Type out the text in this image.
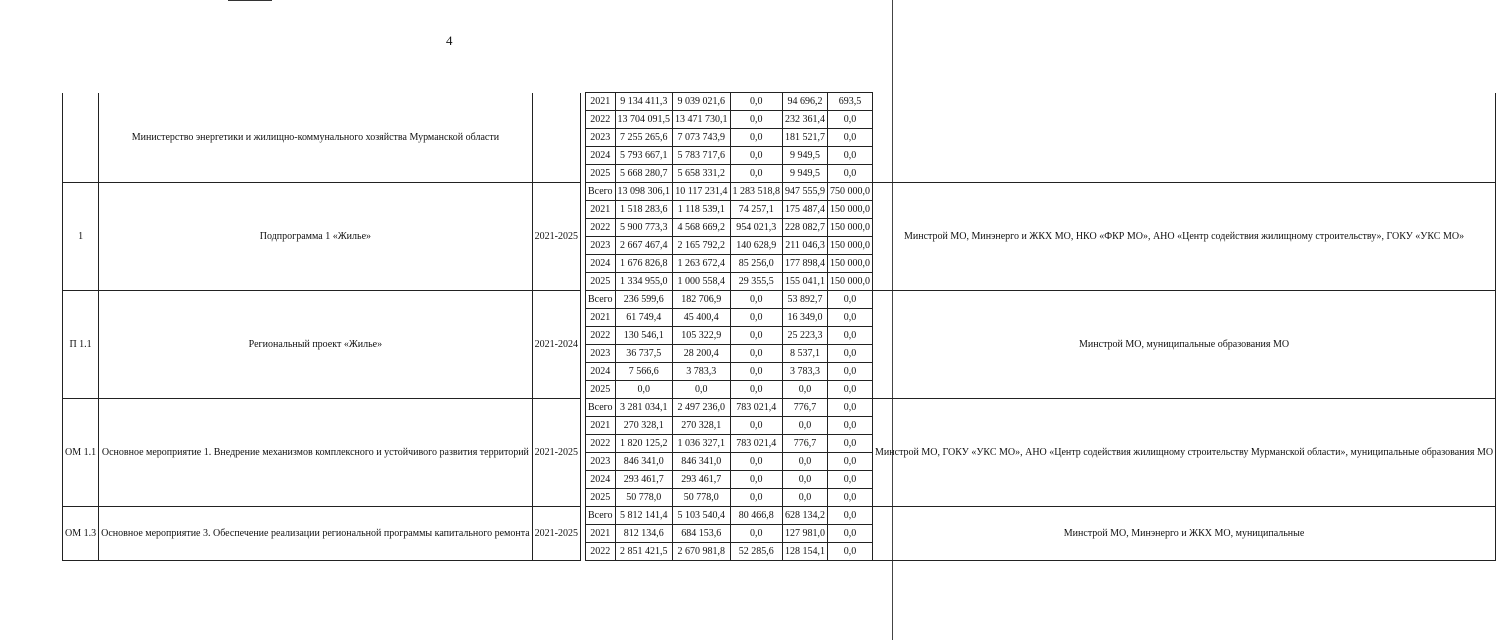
4
	Министерство энергетики и жилищно-коммунального хозяйства Мурманской области			2021	9 134 411,3	9 039 021,6	0,0	94 696,2	693,5	
				2022	13 704 091,5	13 471 730,1	0,0	232 361,4	0,0	
				2023	7 255 265,6	7 073 743,9	0,0	181 521,7	0,0	
				2024	5 793 667,1	5 783 717,6	0,0	9 949,5	0,0	
				2025	5 668 280,7	5 658 331,2	0,0	9 949,5	0,0	
1	Подпрограмма 1 «Жилье»	2021-2025		Всего	13 098 306,1	10 117 231,4	1 283 518,8	947 555,9	750 000,0	Минстрой МО, Минэнерго и ЖКХ МО, НКО «ФКР МО», АНО «Центр содействия жилищному строительству», ГОКУ «УКС МО»
				2021	1 518 283,6	1 118 539,1	74 257,1	175 487,4	150 000,0	
				2022	5 900 773,3	4 568 669,2	954 021,3	228 082,7	150 000,0	
				2023	2 667 467,4	2 165 792,2	140 628,9	211 046,3	150 000,0	
				2024	1 676 826,8	1 263 672,4	85 256,0	177 898,4	150 000,0	
				2025	1 334 955,0	1 000 558,4	29 355,5	155 041,1	150 000,0	
П 1.1	Региональный проект «Жилье»	2021-2024		Всего	236 599,6	182 706,9	0,0	53 892,7	0,0	Минстрой МО, муниципальные образования МО
				2021	61 749,4	45 400,4	0,0	16 349,0	0,0	
				2022	130 546,1	105 322,9	0,0	25 223,3	0,0	
				2023	36 737,5	28 200,4	0,0	8 537,1	0,0	
				2024	7 566,6	3 783,3	0,0	3 783,3	0,0	
				2025	0,0	0,0	0,0	0,0	0,0	
ОМ 1.1	Основное мероприятие 1. Внедрение механизмов комплексного и устойчивого развития территорий	2021-2025		Всего	3 281 034,1	2 497 236,0	783 021,4	776,7	0,0	Минстрой МО, ГОКУ «УКС МО», АНО «Центр содействия жилищному строительству Мурманской области», муниципальные образования МО
				2021	270 328,1	270 328,1	0,0	0,0	0,0	
				2022	1 820 125,2	1 036 327,1	783 021,4	776,7	0,0	
				2023	846 341,0	846 341,0	0,0	0,0	0,0	
				2024	293 461,7	293 461,7	0,0	0,0	0,0	
				2025	50 778,0	50 778,0	0,0	0,0	0,0	
ОМ 1.3	Основное мероприятие 3. Обеспечение реализации региональной программы капитального ремонта	2021-2025		Всего	5 812 141,4	5 103 540,4	80 466,8	628 134,2	0,0	Минстрой МО, Минэнерго и ЖКХ МО, муниципальные
				2021	812 134,6	684 153,6	0,0	127 981,0	0,0	
				2022	2 851 421,5	2 670 981,8	52 285,6	128 154,1	0,0	
